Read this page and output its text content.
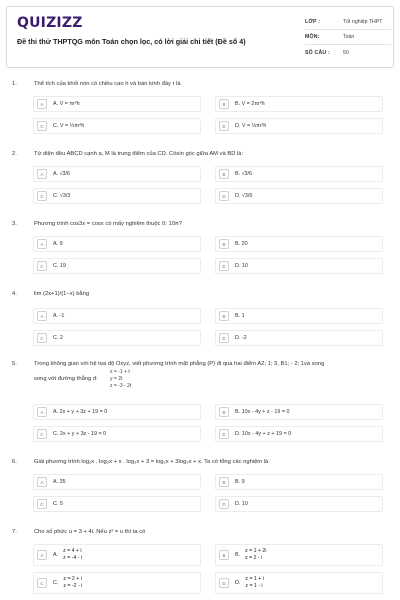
QUIZIZZ
Đề thi thử THPTQG môn Toán chọn lọc, có lời giải chi tiết (Đề số 4)
LỚP :	Tốt nghiệp THPT
MÔN:	Toán
SỐ CÂU :	50
1.	Thể tích của khối nón có chiều cao h và bán kính đáy r là
A	A. V = πr²h	B	B. V = 2πr²h
C	C. V = ⅓πr²h	D	D. V = ⅓πr²h
2.	Tứ diện đều ABCD cạnh a, M là trung điểm của CD. Cósin góc giữa AM và BD là:
A	A. √3/6	B	B. √3/6
C	C. √3/3	D	D. √3/6
3.	Phương trình cos3x = cosx có mấy nghiệm thuộc 0; 10π?
A	A. 9	B	B. 20
C	C. 19	D	D. 10
4.	lim (2x+1)/(1−x) bằng
A	A. -1	B	B. 1
C	C. 2	D	D. -2
5.	Trong không gian với hệ tọa độ Oxyz, viết phương trình mặt phẳng (P) đi qua hai điểm A2; 1; 3, B1; - 2; 1và song
song với đường thẳng d:
x = -1 + t
y = 2t
z = -3 - 2t
A	A. 2x + y + 3z + 19 = 0	B	B. 10x - 4y + z - 19 = 0
C	C. 2x + y + 3z - 19 = 0	D	D. 10x - 4y + z + 19 = 0
6.	Giải phương trình log₂x . log₃x + x . log₃x + 3 = log₂x + 3log₃x + x. Ta có tổng các nghiệm là
A	A. 35	B	B. 9
C	C. 5	D	D. 10
7.	Cho số phức u = 3 + 4i. Nếu z² = u thì ta có
A	A.
z = 4 + i
z = -4 - i	B	B.
z = 1 + 2i
z = 2 - i
C	C.
z = 2 + i
z = -2 - i	D	D.
z = 1 + i
z = 1 - i
